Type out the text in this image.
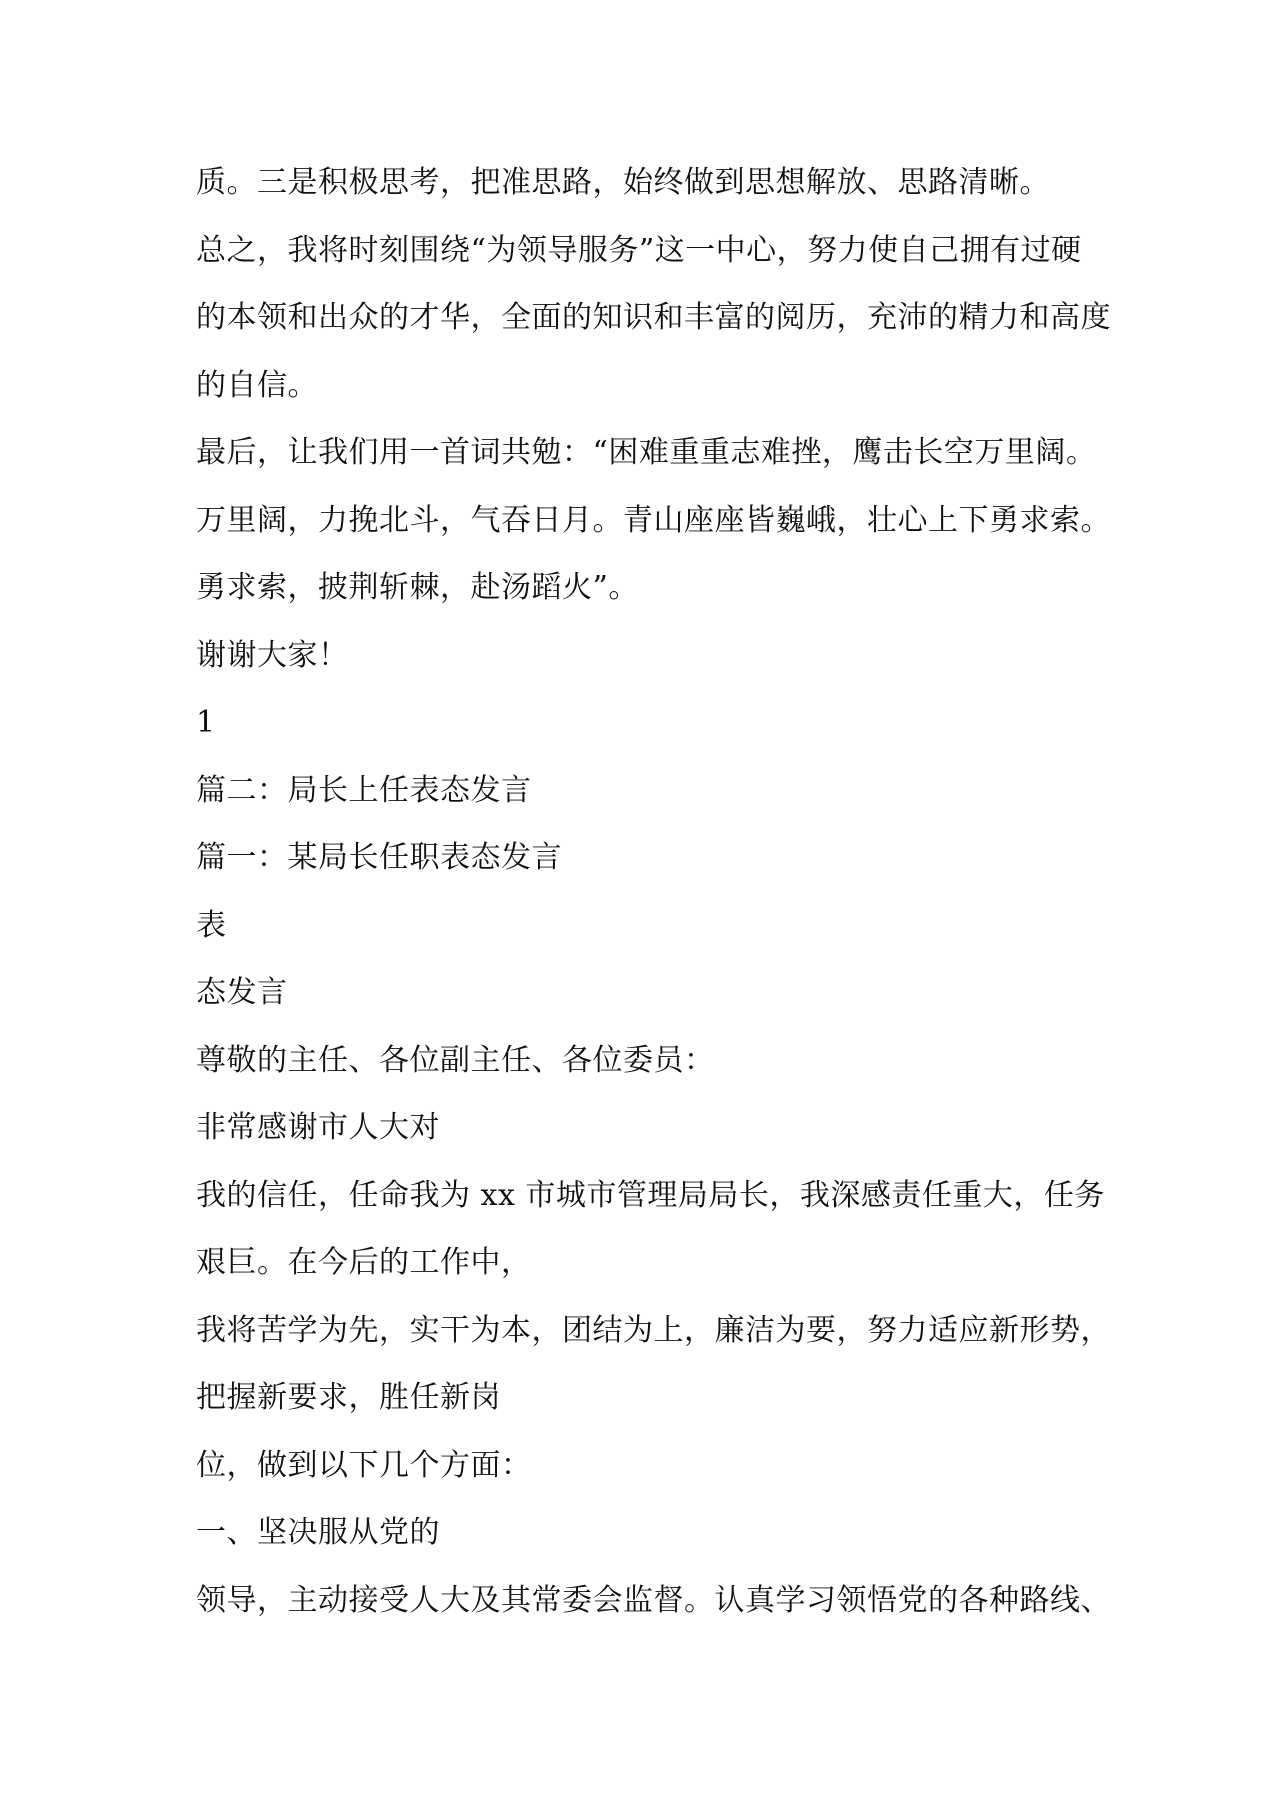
质。三是积极思考，把准思路，始终做到思想解放、思路清晰。
总之，我将时刻围绕“为领导服务”这一中心，努力使自己拥有过硬
的本领和出众的才华，全面的知识和丰富的阅历，充沛的精力和高度
的自信。
最后，让我们用一首词共勉：“困难重重志难挫，鹰击长空万里阔。
万里阔，力挽北斗，气吞日月。青山座座皆巍峨，壮心上下勇求索。
勇求索，披荆斩棘，赴汤蹈火”。
谢谢大家！
1
篇二：局长上任表态发言
篇一：某局长任职表态发言
表
态发言
尊敬的主任、各位副主任、各位委员：
非常感谢市人大对
我的信任，任命我为 xx 市城市管理局局长，我深感责任重大，任务
艰巨。在今后的工作中，
我将苦学为先，实干为本，团结为上，廉洁为要，努力适应新形势，
把握新要求，胜任新岗
位，做到以下几个方面：
一、坚决服从党的
领导，主动接受人大及其常委会监督。认真学习领悟党的各种路线、
